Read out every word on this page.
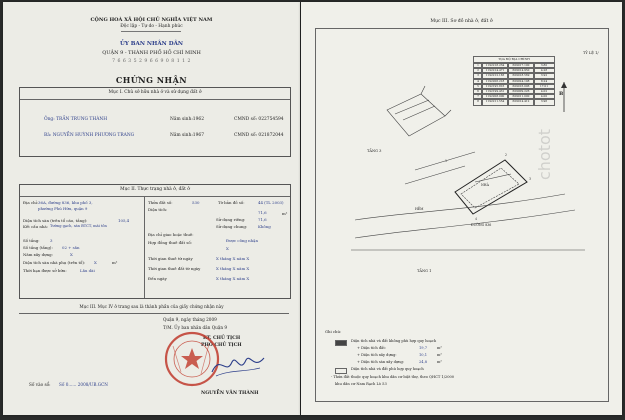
CỘNG HOÀ XÃ HỘI CHỦ NGHĨA VIỆT NAM
Độc lập - Tự do - Hạnh phúc
ỦY BAN NHÂN DÂN
QUẬN 9 - THÀNH PHỐ HỒ CHÍ MINH
7 6 6 3 5 2 9 6 6 9 0 8 1 1 2
CHỨNG NHẬN
Mục I. Chủ sở hữu nhà ở và sử dụng đất ở
Ông: TRẦN TRUNG THÀNH	Năm sinh:1962	CMND số: 022754594
Bà: NGUYỄN HUỲNH PHƯƠNG TRANG	Năm sinh:1967	CMND số: 021872044
Mục II. Thực trạng nhà ở, đất ở
Địa chỉ: 36A, đường 836, khu phố 3,
phường Phú Hữu, quận 9
Diện tích sàn (trên tổ cáo, tầng):	105,4
Kết cấu nhà: Tường gạch, sàn BTCT, mái tôn
Số tầng:	3
Số tầng (tầng): 02 + sân
Năm xây dựng:	X
Diện tích sàn nhà phụ (trên tổ): X	m²
Thời hạn được sở hữu:	Lâu dài
Thửa đất số:	530	Tờ bản đồ số:	44 (TL 2003)
Diện tích:
71,6
Sử dụng riêng:	71,6
Sử dụng chung:	Không
m²
Địa chỉ giao hoặc thuê:
Được công nhận
Hợp đồng thuê đất số:
X
Thời gian thuê từ ngày	X tháng X năm X
Thời gian thuê đất từ ngày	X tháng X năm X
Đến ngày	X tháng X năm X
Mục III. Mục IV ở trang sau là thành phần của giấy chứng nhận này
Quận 9, ngày tháng 2009
T/M. Ủy ban nhân dân Quận 9
KT. CHỦ TỊCH
PHÓ CHỦ TỊCH
NGUYỄN VĂN THÀNH
Số vào sổ: Số 0...... 2008/UB.GCN
Mục III. Sơ đồ nhà ở, đất ở
TỶ LỆ 1/
TỌA ĐỘ ĐỊA CHÍNH
1	1192218.234	609017.100	3.80
2	1192214.471	609014.950	4.28
3	1192212.183	609018.569	3.92
4	1192206.218	609024.108	8.24
5	1192195.816	609016.006	17.01
6	1192199.431	609009.226	4.02
7	1192208.000	609011.000	4.00
8	1192211.554	609014.412	3.96
B
1
2
3
4
TẦNG 3
TẦNG 1
NHÀ
ĐƯỜNG 836
HẺM
chotot
Ghi chú:
Diện tích nhà và đất không phù hợp quy hoạch
+ Diện tích đất:	19,7	m²
+ Diện tích xây dựng:	10,1	m²
+ Diện tích sàn xây dựng:	24,8	m²
Diện tích nhà và đất phù hợp quy hoạch
- Thửa đất thuộc quy hoạch khu dân cư biệt thự, theo QHCT 1/2000
khu dân cư Nam Rạch Lò 53
